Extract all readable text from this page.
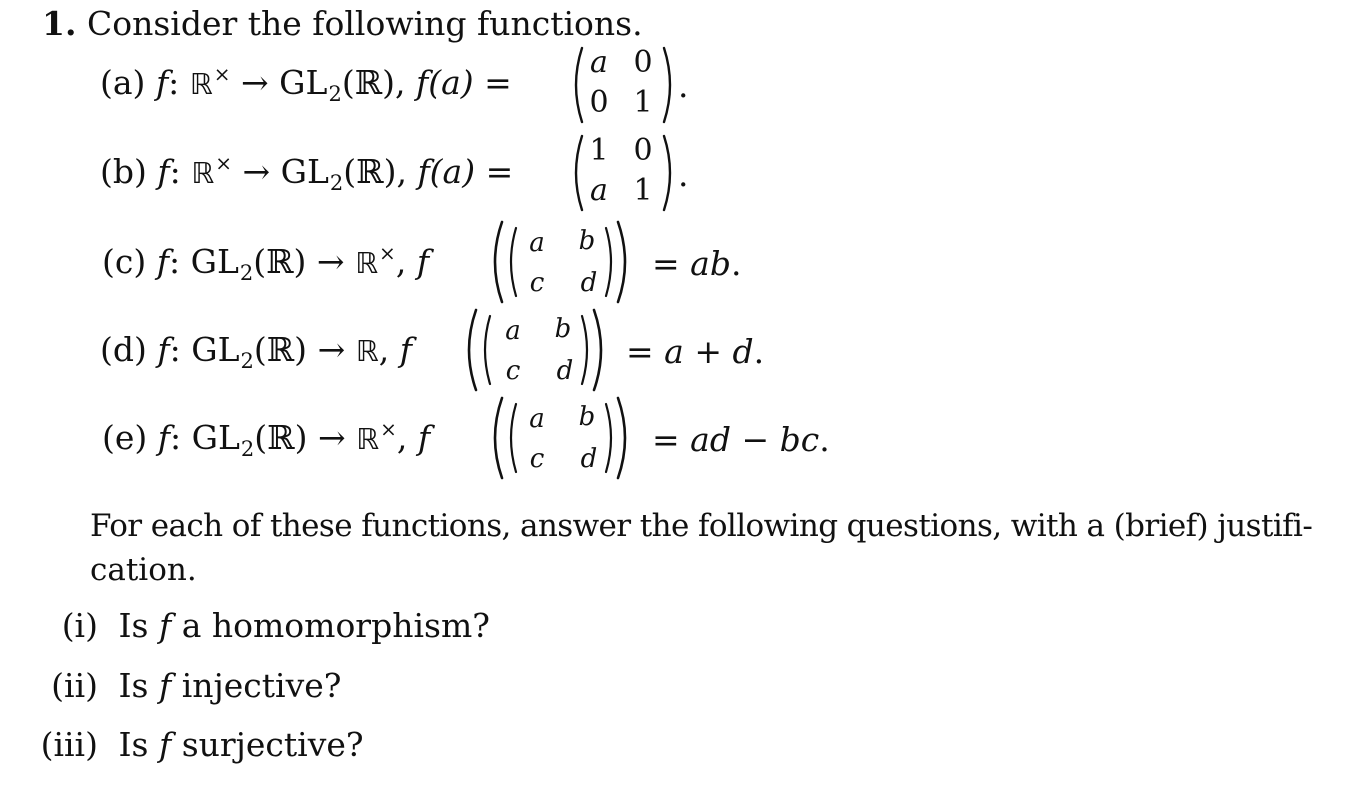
1. Consider the following functions.
(a) f: ℝ× → $GL_2(ℝ)$, f(a) =
a 0
0 1 .
(b) f: ℝ× → $GL_2(ℝ)$, f(a) =
1 0
a 1 .
(c) f: $GL_2(ℝ)$ → ℝ×, f	a b
c d = ab.
(d) f: $GL_2(ℝ)$ → ℝ, f	a b
c d = a + d.
(e) f: $GL_2(ℝ)$ → ℝ×, f	a b
c d = ad − bc.
For each of these functions, answer the following questions, with a (brief) justifi-
cation.
(i) Is f a homomorphism?
(ii) Is f injective?
(iii) Is f surjective?
